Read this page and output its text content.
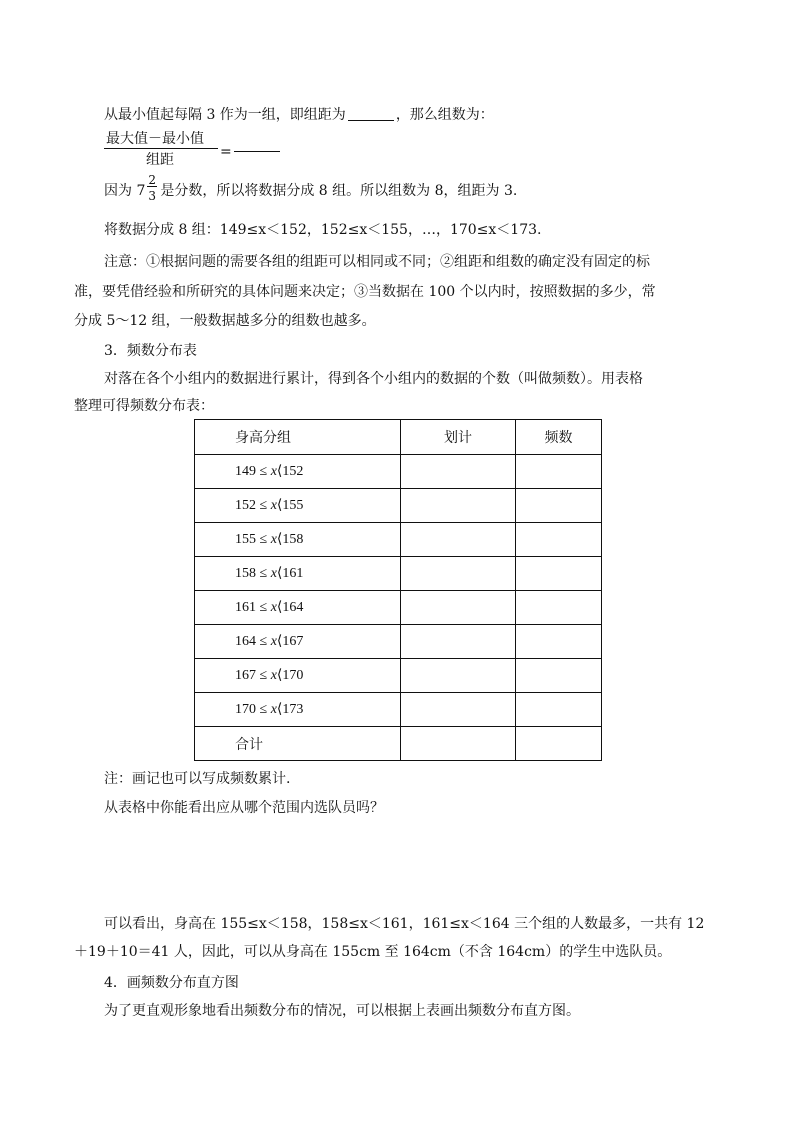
从最小值起每隔 3 作为一组，即组距为	，那么组数为：
最大值－最小值
组距	=
因为 $7 \frac{2}{3}$ 是分数，所以将数据分成 8 组。所以组数为 8，组距为 3.
将数据分成 8 组：149≤x＜152，152≤x＜155，…，170≤x＜173.
注意：①根据问题的需要各组的组距可以相同或不同；②组距和组数的确定没有固定的标
准，要凭借经验和所研究的具体问题来决定；③当数据在 100 个以内时，按照数据的多少，常
分成 5～12 组，一般数据越多分的组数也越多。
3．频数分布表
对落在各个小组内的数据进行累计，得到各个小组内的数据的个数（叫做频数）。用表格
整理可得频数分布表：
身高分组	划计	频数
149 ≤ x⟨152		
152 ≤ x⟨155		
155 ≤ x⟨158		
158 ≤ x⟨161		
161 ≤ x⟨164		
164 ≤ x⟨167		
167 ≤ x⟨170		
170 ≤ x⟨173		
合计		
注：画记也可以写成频数累计.
从表格中你能看出应从哪个范围内选队员吗？
可以看出，身高在 155≤x＜158，158≤x＜161，161≤x＜164 三个组的人数最多，一共有 12
＋19＋10＝41 人，因此，可以从身高在 155cm 至 164cm（不含 164cm）的学生中选队员。
4．画频数分布直方图
为了更直观形象地看出频数分布的情况，可以根据上表画出频数分布直方图。
